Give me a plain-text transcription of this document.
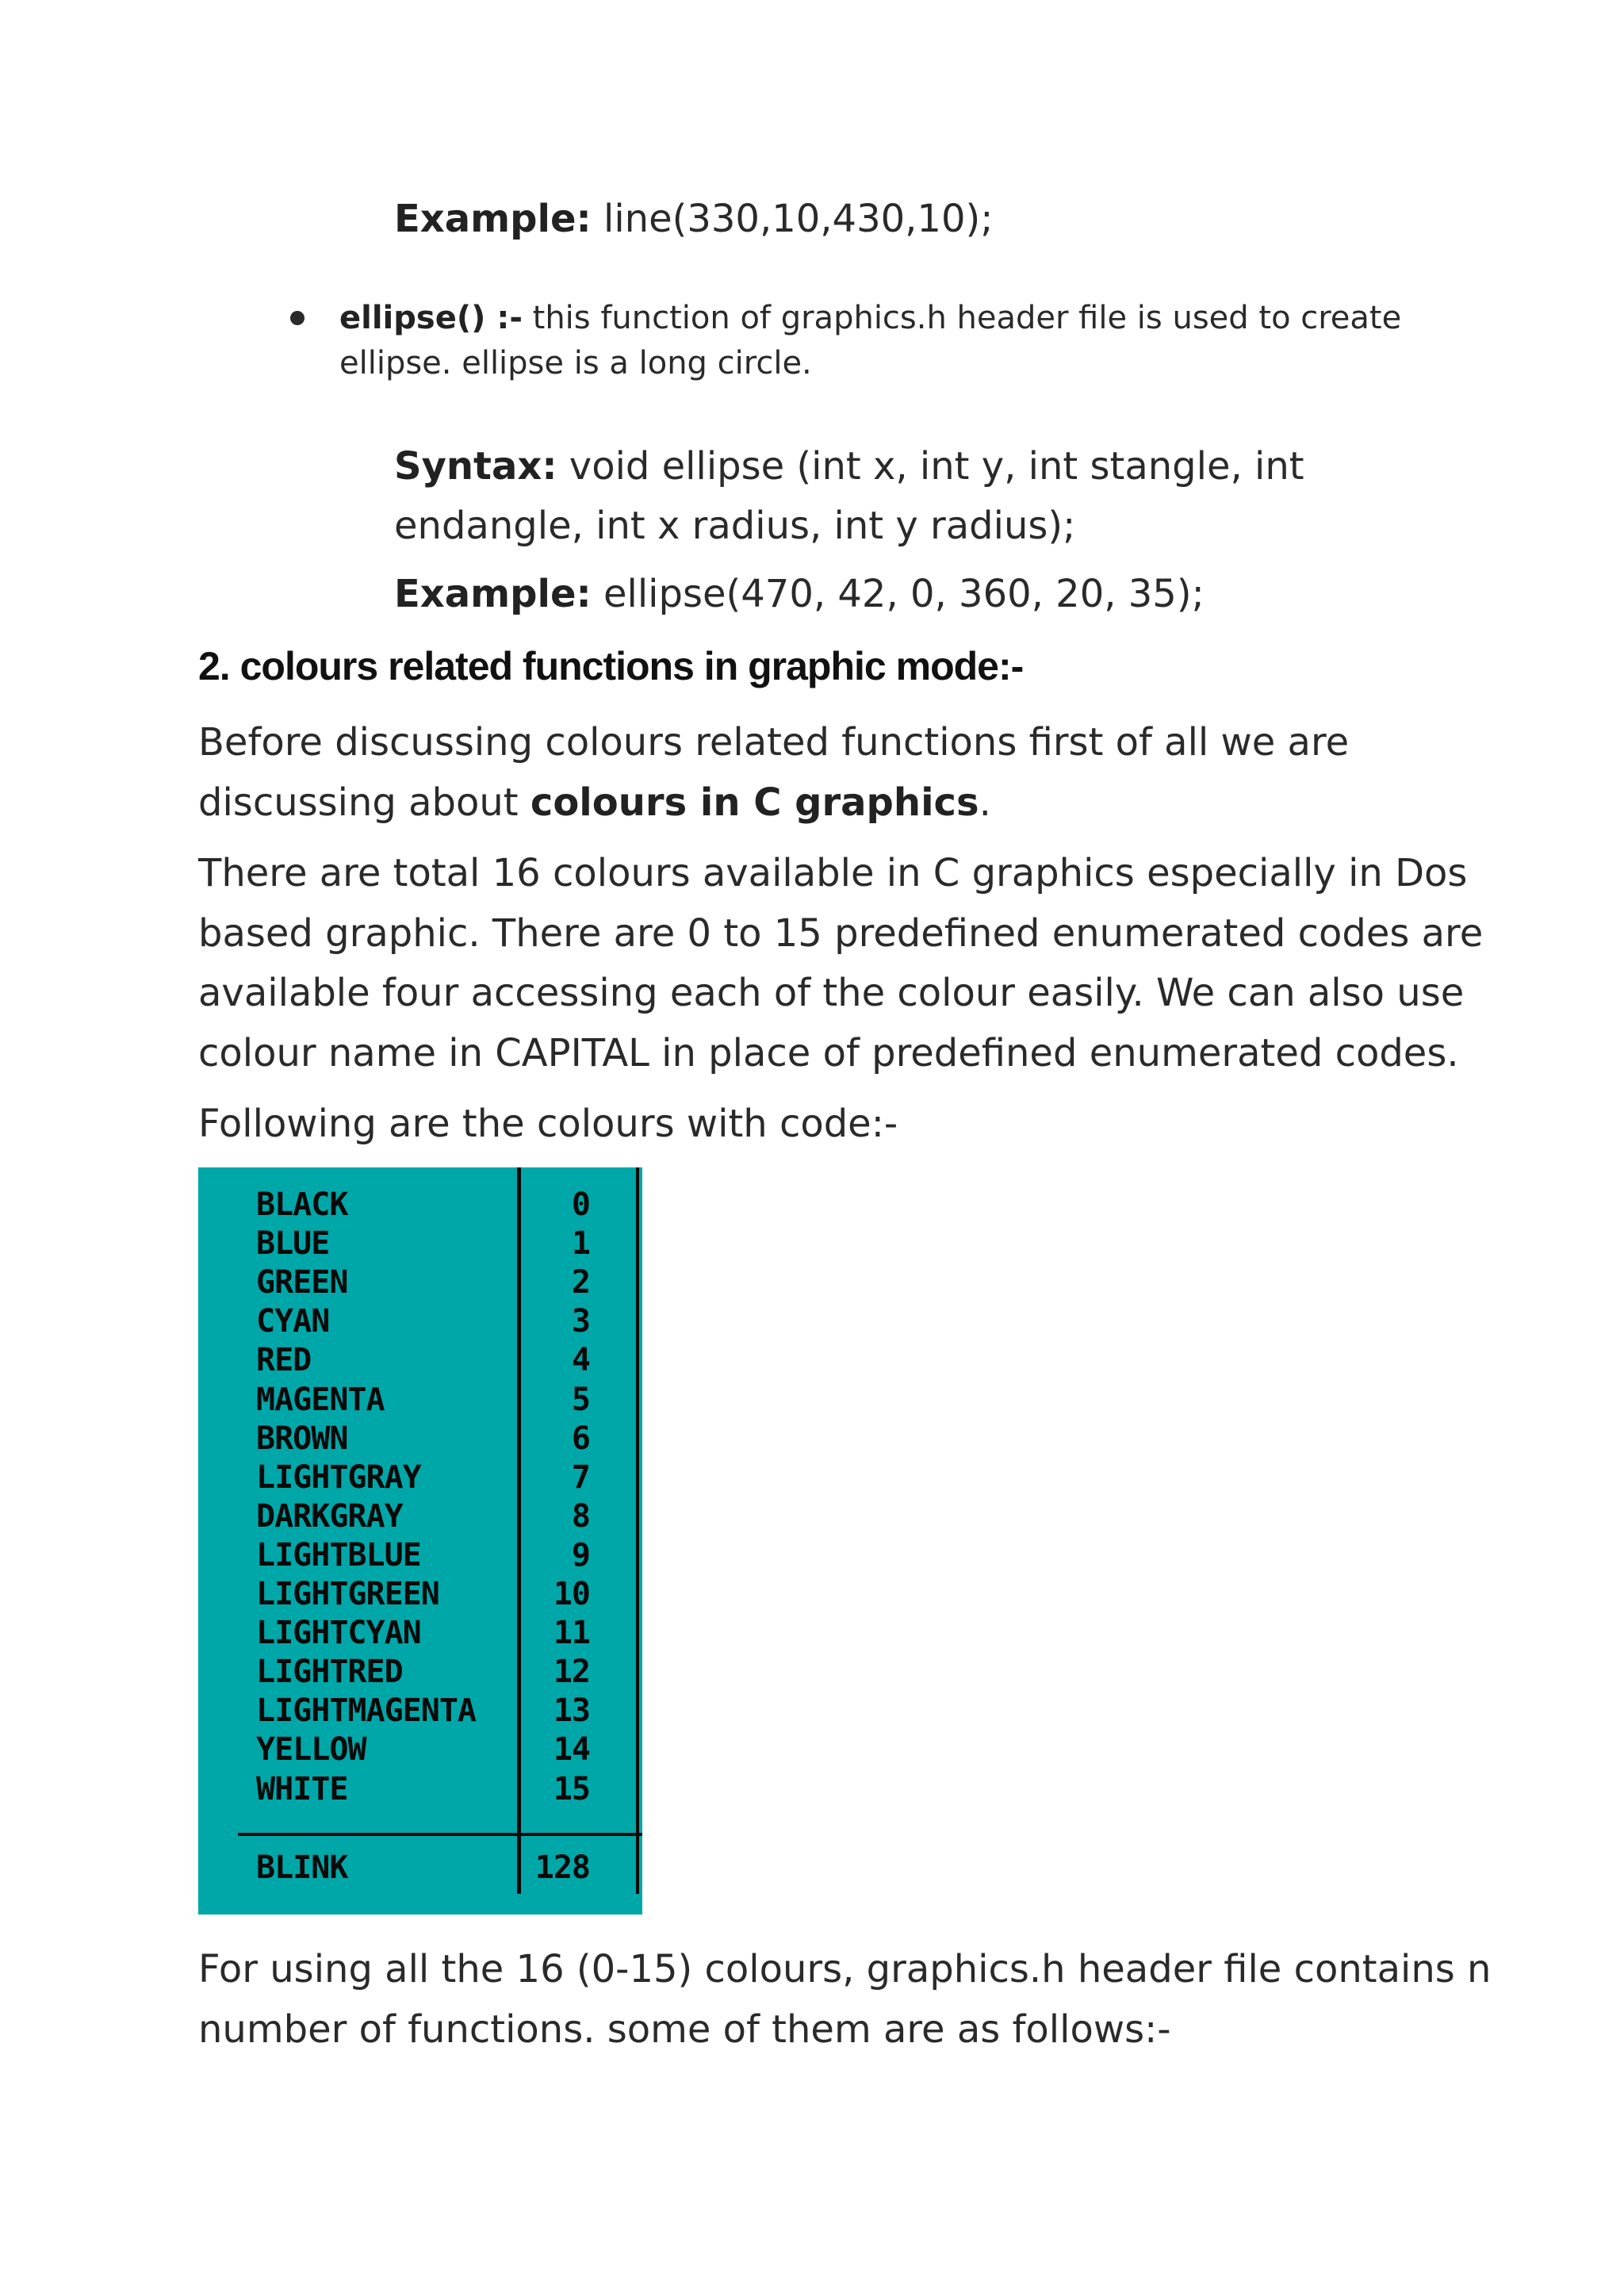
Example: line(330,10,430,10);

ellipse() :- this function of graphics.h header file is used to create

ellipse. ellipse is a long circle.

Syntax: void ellipse (int x, int y, int stangle, int

endangle, int x radius, int y radius);

Example: ellipse(470, 42, 0, 360, 20, 35);

2. colours related functions in graphic mode:-

Before discussing colours related functions first of all we are

discussing about colours in C graphics.

There are total 16 colours available in C graphics especially in Dos

based graphic. There are 0 to 15 predefined enumerated codes are

available four accessing each of the colour easily. We can also use

colour name in CAPITAL in place of predefined enumerated codes.

Following are the colours with code:-

BLACK	0
BLUE	1
GREEN	2
CYAN	3
RED	4
MAGENTA	5
BROWN	6
LIGHTGRAY	7
DARKGRAY	8
LIGHTBLUE	9
LIGHTGREEN	10
LIGHTCYAN	11
LIGHTRED	12
LIGHTMAGENTA 13
YELLOW	14
WHITE	15
BLINK	128

For using all the 16 (0-15) colours, graphics.h header file contains n

number of functions. some of them are as follows:-
